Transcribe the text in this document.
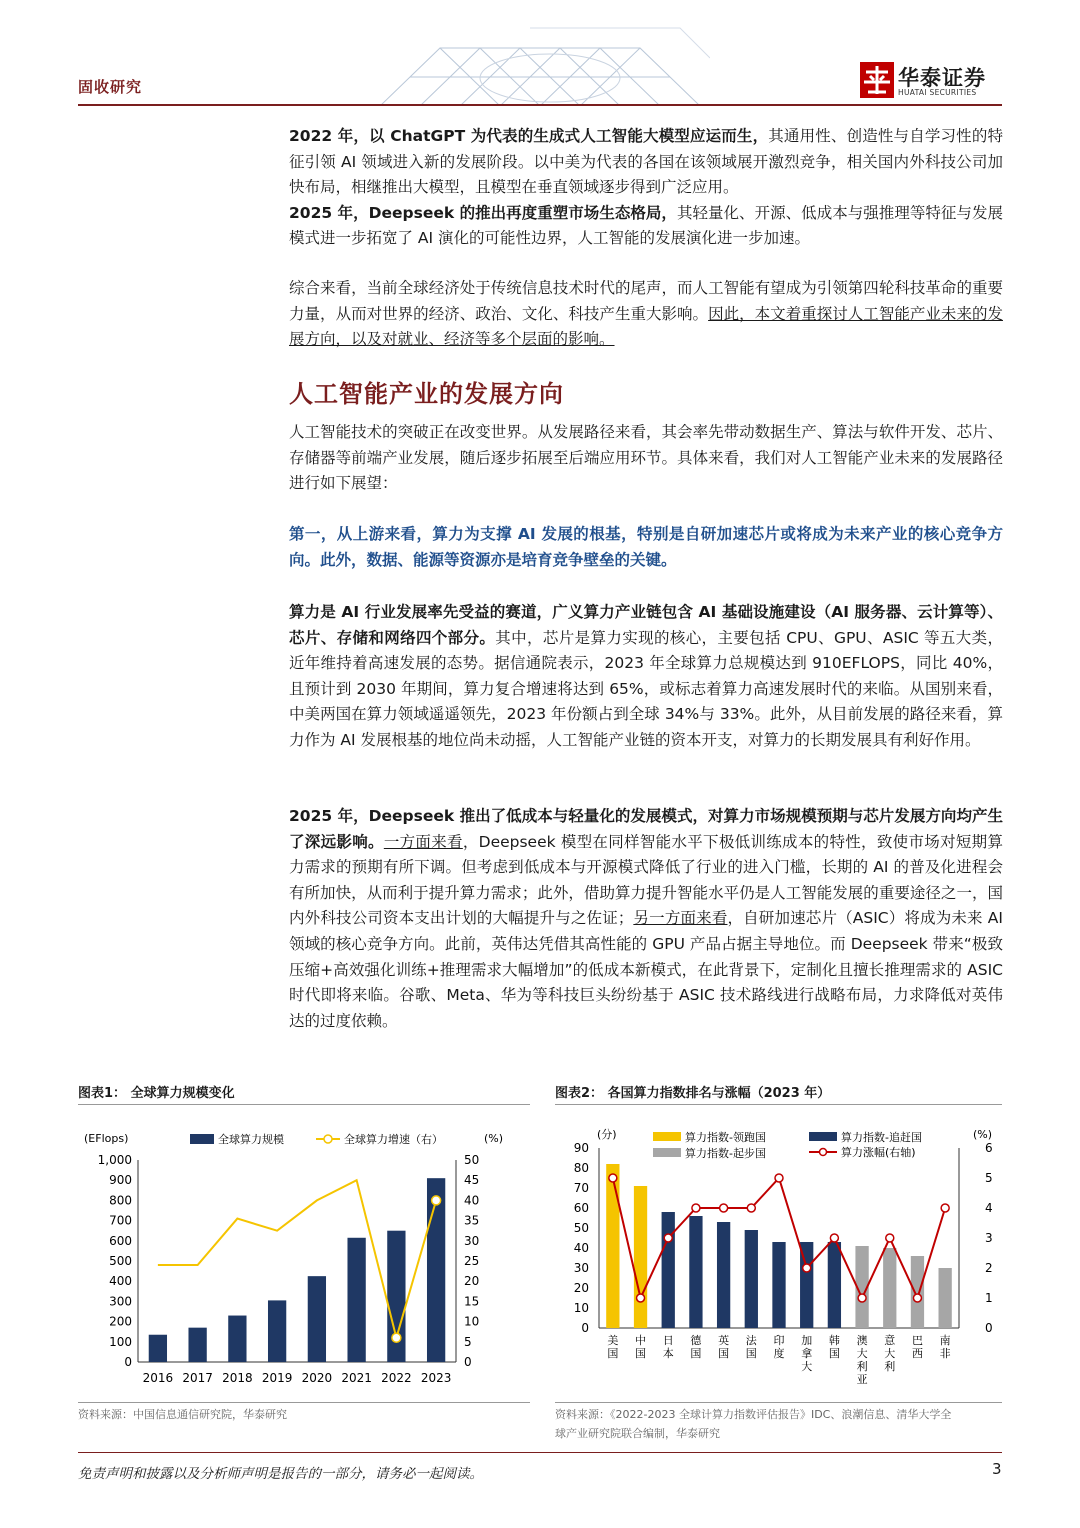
固收研究	华泰证券
HUATAI SECURITIES
2022 年，以 ChatGPT 为代表的生成式人工智能大模型应运而生，其通用性、创造性与自学习性的特征引领 AI 领域进入新的发展阶段。以中美为代表的各国在该领域展开激烈竞争，相关国内外科技公司加快布局，相继推出大模型，且模型在垂直领域逐步得到广泛应用。
2025 年，Deepseek 的推出再度重塑市场生态格局，其轻量化、开源、低成本与强推理等特征与发展模式进一步拓宽了 AI 演化的可能性边界，人工智能的发展演化进一步加速。
综合来看，当前全球经济处于传统信息技术时代的尾声，而人工智能有望成为引领第四轮科技革命的重要力量，从而对世界的经济、政治、文化、科技产生重大影响。因此，本文着重探讨人工智能产业未来的发展方向，以及对就业、经济等多个层面的影响。
人工智能产业的发展方向
人工智能技术的突破正在改变世界。从发展路径来看，其会率先带动数据生产、算法与软件开发、芯片、存储器等前端产业发展，随后逐步拓展至后端应用环节。具体来看，我们对人工智能产业未来的发展路径进行如下展望：
第一，从上游来看，算力为支撑 AI 发展的根基，特别是自研加速芯片或将成为未来产业的核心竞争方向。此外，数据、能源等资源亦是培育竞争壁垒的关键。
算力是 AI 行业发展率先受益的赛道，广义算力产业链包含 AI 基础设施建设（AI 服务器、云计算等）、芯片、存储和网络四个部分。其中，芯片是算力实现的核心，主要包括 CPU、GPU、ASIC 等五大类，近年维持着高速发展的态势。据信通院表示，2023 年全球算力总规模达到 910EFLOPS，同比 40%，且预计到 2030 年期间，算力复合增速将达到 65%，或标志着算力高速发展时代的来临。从国别来看，中美两国在算力领域遥遥领先，2023 年份额占到全球 34%与 33%。此外，从目前发展的路径来看，算力作为 AI 发展根基的地位尚未动摇，人工智能产业链的资本开支，对算力的长期发展具有利好作用。
2025 年，Deepseek 推出了低成本与轻量化的发展模式，对算力市场规模预期与芯片发展方向均产生了深远影响。一方面来看，Deepseek 模型在同样智能水平下极低训练成本的特性，致使市场对短期算力需求的预期有所下调。但考虑到低成本与开源模式降低了行业的进入门槛，长期的 AI 的普及化进程会有所加快，从而利于提升算力需求；此外，借助算力提升智能水平仍是人工智能发展的重要途径之一，国内外科技公司资本支出计划的大幅提升与之佐证；另一方面来看，自研加速芯片（ASIC）将成为未来 AI 领域的核心竞争方向。此前，英伟达凭借其高性能的 GPU 产品占据主导地位。而 Deepseek 带来“极致压缩+高效强化训练+推理需求大幅增加”的低成本新模式，在此背景下，定制化且擅长推理需求的 ASIC 时代即将来临。谷歌、Meta、华为等科技巨头纷纷基于 ASIC 技术路线进行战略布局，力求降低对英伟达的过度依赖。
图表1： 全球算力规模变化
(EFlops)	(%)
全球算力规模	全球算力增速（右）
0
100
200
300
400
500
600
700
800
900
1,000
0
5
10
15
20
25
30
35
40
45
50
2016 2017 2018 2019 2020 2021 2022 2023
资料来源：中国信息通信研究院，华泰研究
图表2： 各国算力指数排名与涨幅（2023 年）
(分)	(%)
算力指数-领跑国	算力指数-追赶国
算力指数-起步国	算力涨幅(右轴)
0
10
20
30
40
50
60
70
80
90
0
1
2
3
4
5
6
美国
中国
日本
德国
英国
法国
印度
加拿大
韩国
澳大利亚
意大利
巴西
南非
资料来源：《2022-2023 全球计算力指数评估报告》IDC、浪潮信息、清华大学全
球产业研究院联合编制，华泰研究
免责声明和披露以及分析师声明是报告的一部分，请务必一起阅读。	3
